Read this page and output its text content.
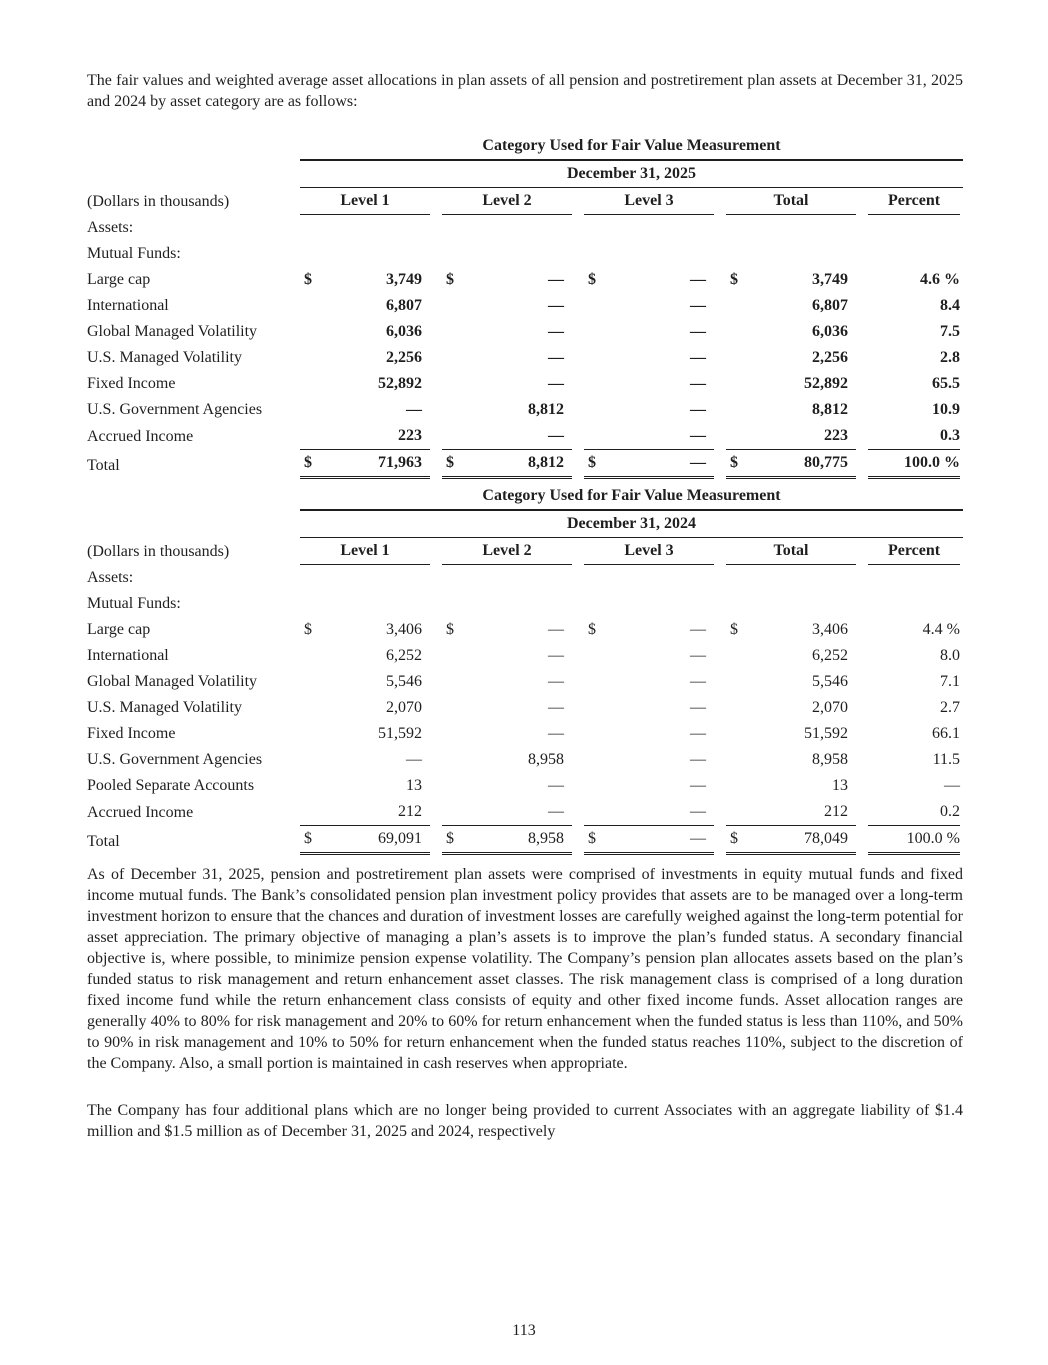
The fair values and weighted average asset allocations in plan assets of all pension and postretirement plan assets at December 31, 2025 and 2024 by asset category are as follows:

	Category Used for Fair Value Measurement												
	December 31, 2025												
(Dollars in thousands)	Level 1			Level 2			Level 3			Total			Percent
Assets:													
Mutual Funds:													
Large cap	$	3,749		$	—		$	—		$	3,749		4.6 %
International		6,807			—			—			6,807		8.4
Global Managed Volatility		6,036			—			—			6,036		7.5
U.S. Managed Volatility		2,256			—			—			2,256		2.8
Fixed Income		52,892			—			—			52,892		65.5
U.S. Government Agencies		—			8,812			—			8,812		10.9
Accrued Income		223			—			—			223		0.3
Total	$	71,963		$	8,812		$	—		$	80,775		100.0 %
	Category Used for Fair Value Measurement												
	December 31, 2024												
(Dollars in thousands)	Level 1			Level 2			Level 3			Total			Percent
Assets:													
Mutual Funds:													
Large cap	$	3,406		$	—		$	—		$	3,406		4.4 %
International		6,252			—			—			6,252		8.0
Global Managed Volatility		5,546			—			—			5,546		7.1
U.S. Managed Volatility		2,070			—			—			2,070		2.7
Fixed Income		51,592			—			—			51,592		66.1
U.S. Government Agencies		—			8,958			—			8,958		11.5
Pooled Separate Accounts		13			—			—			13		—
Accrued Income		212			—			—			212		0.2
Total	$	69,091		$	8,958		$	—		$	78,049		100.0 %

As of December 31, 2025, pension and postretirement plan assets were comprised of investments in equity mutual funds and fixed income mutual funds. The Bank’s consolidated pension plan investment policy provides that assets are to be managed over a long-term investment horizon to ensure that the chances and duration of investment losses are carefully weighed against the long-term potential for asset appreciation. The primary objective of managing a plan’s assets is to improve the plan’s funded status. A secondary financial objective is, where possible, to minimize pension expense volatility. The Company’s pension plan allocates assets based on the plan’s funded status to risk management and return enhancement asset classes. The risk management class is comprised of a long duration fixed income fund while the return enhancement class consists of equity and other fixed income funds. Asset allocation ranges are generally 40% to 80% for risk management and 20% to 60% for return enhancement when the funded status is less than 110%, and 50% to 90% in risk management and 10% to 50% for return enhancement when the funded status reaches 110%, subject to the discretion of the Company. Also, a small portion is maintained in cash reserves when appropriate.

The Company has four additional plans which are no longer being provided to current Associates with an aggregate liability of $1.4 million and $1.5 million as of December 31, 2025 and 2024, respectively

113
